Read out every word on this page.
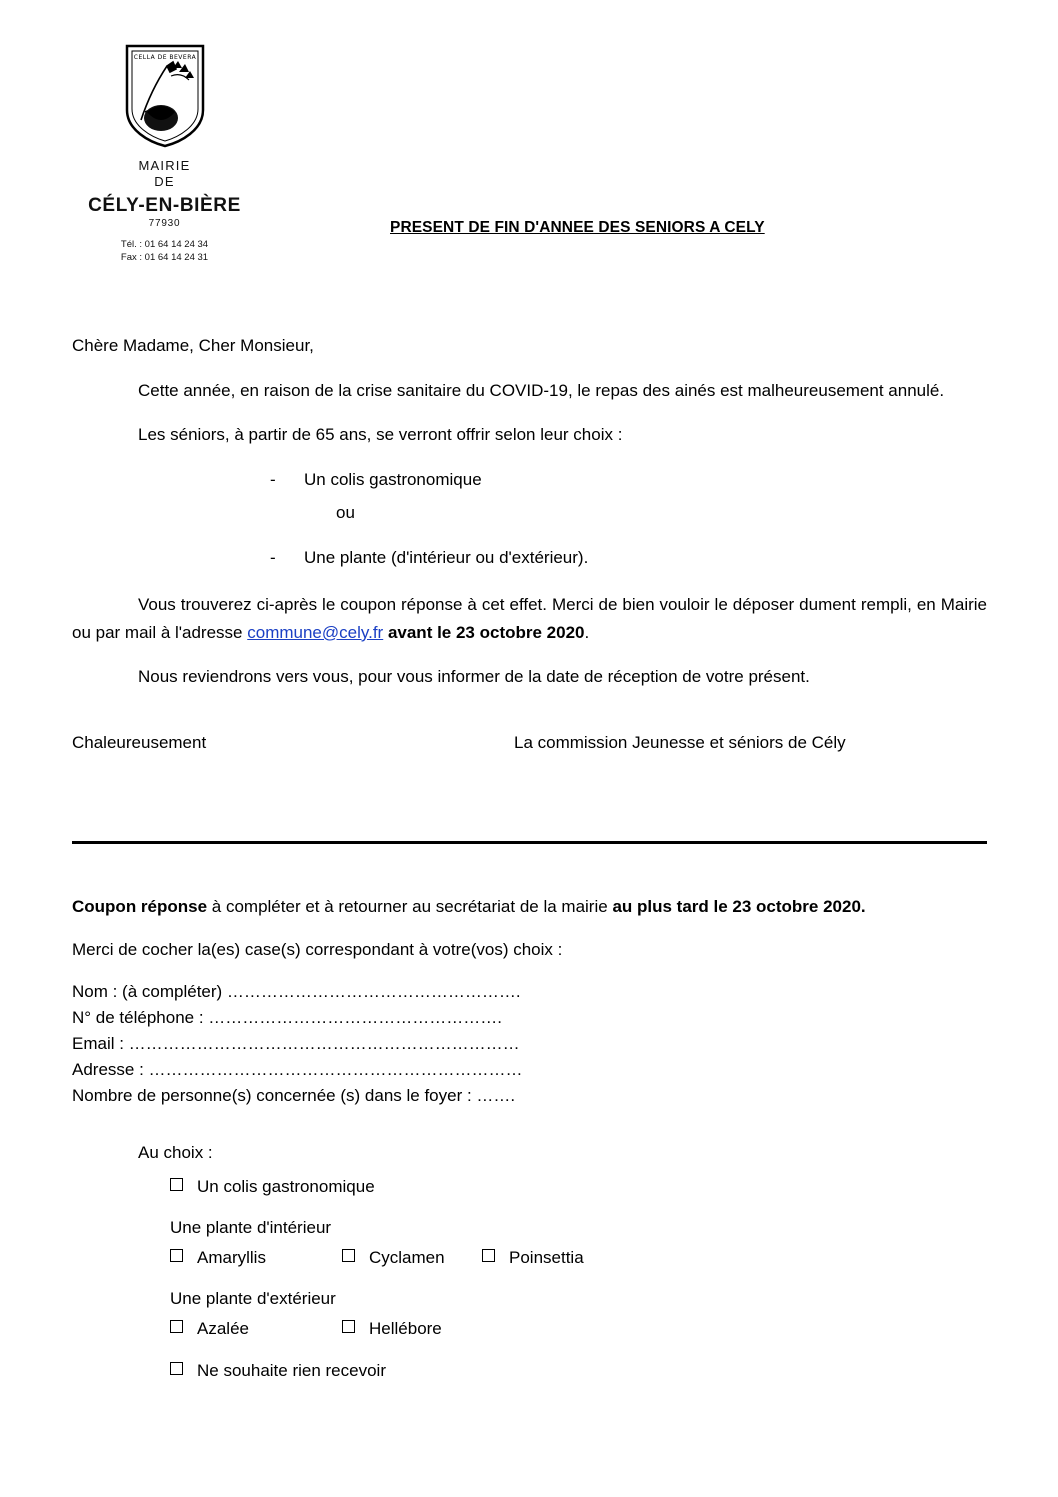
CELLA DE BEVERA
MAIRIE
DE
CÉLY-EN-BIÈRE
77930
Tél. : 01 64 14 24 34
Fax : 01 64 14 24 31
PRESENT DE FIN D'ANNEE DES SENIORS A CELY

Chère Madame, Cher Monsieur,

Cette année, en raison de la crise sanitaire du COVID-19, le repas des ainés est malheureusement annulé.

Les séniors, à partir de 65 ans, se verront offrir selon leur choix :

- Un colis gastronomique

ou

- Une plante (d'intérieur ou d'extérieur).

Vous trouverez ci-après le coupon réponse à cet effet. Merci de bien vouloir le déposer dument rempli, en Mairie ou par mail à l'adresse commune@cely.fr avant le 23 octobre 2020.

Nous reviendrons vers vous, pour vous informer de la date de réception de votre présent.

Chaleureusement	La commission Jeunesse et séniors de Cély

Coupon réponse à compléter et à retourner au secrétariat de la mairie au plus tard le 23 octobre 2020.

Merci de cocher la(es) case(s) correspondant à votre(vos) choix :

Nom : (à compléter) …………………………………………….
N° de téléphone : …………………………………………….
Email : ……………………………………………………………
Adresse : …………………………………………………………
Nombre de personne(s) concernée (s) dans le foyer : …….
Au choix :
Un colis gastronomique
Une plante d'intérieur
Amaryllis	Cyclamen	Poinsettia
Une plante d'extérieur
Azalée	Hellébore
Ne souhaite rien recevoir
